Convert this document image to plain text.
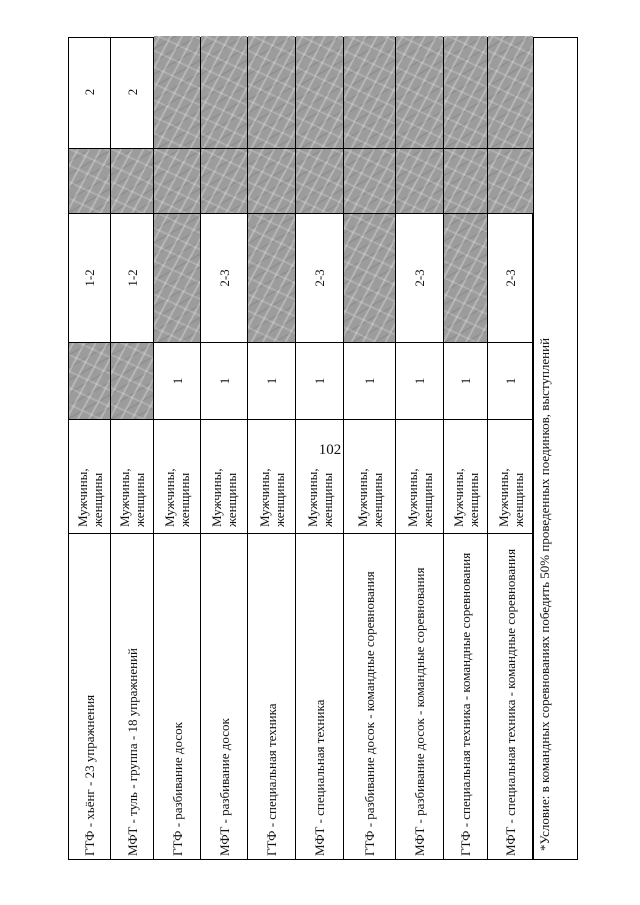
102
ГТФ - хьёнг - 23 упражнения
Мужчины, женщины
1-2
2
МФТ - туль - группа - 18 упражнений
Мужчины, женщины
1-2
2
ГТФ - разбивание досок
Мужчины, женщины
1
МФТ - разбивание досок
Мужчины, женщины
1
2-3
ГТФ - специальная техника
Мужчины, женщины
1
МФТ - специальная техника
Мужчины, женщины
1
2-3
ГТФ - разбивание досок - командные соревнования
Мужчины, женщины
1
МФТ - разбивание досок - командные соревнования
Мужчины, женщины
1
2-3
ГТФ - специальная техника - командные соревнования
Мужчины, женщины
1
МФТ - специальная техника - командные соревнования
Мужчины, женщины
1
2-3
*Условие: в командных соревнованиях победить 50% проведенных поединков, выступлений
